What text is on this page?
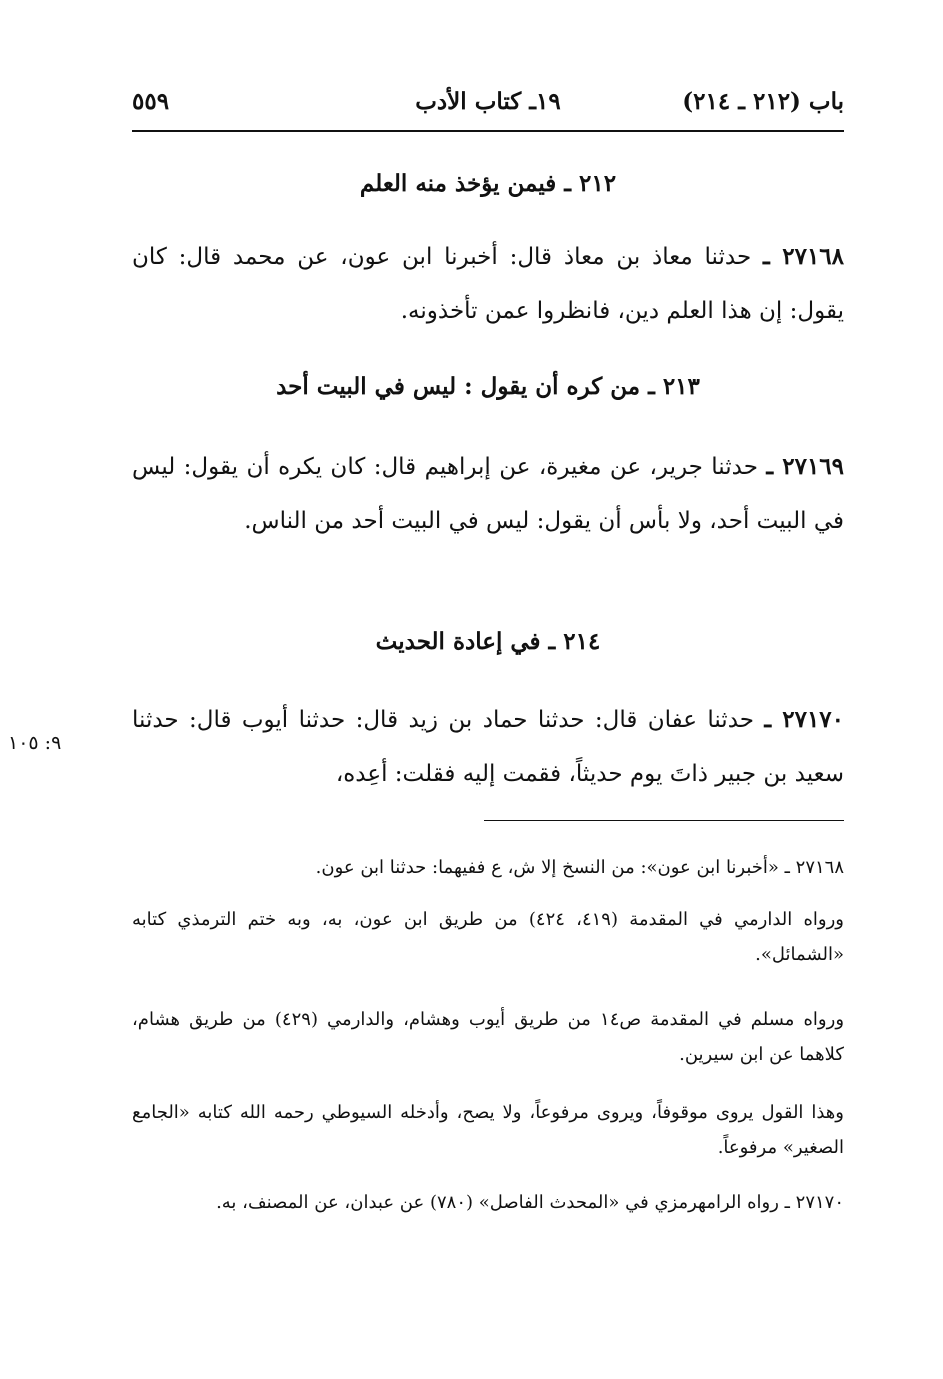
باب (٢١٢ ـ ٢١٤)
١٩ـ كتاب الأدب
٥٥٩
٢١٢ ـ فيمن يؤخذ منه العلم

٢٧١٦٨ ـ حدثنا معاذ بن معاذ قال: أخبرنا ابن عون، عن محمد قال: كان يقول: إن هذا العلم دين، فانظروا عمن تأخذونه.

٢١٣ ـ من كره أن يقول : ليس في البيت أحد

٢٧١٦٩ ـ حدثنا جرير، عن مغيرة، عن إبراهيم قال: كان يكره أن يقول: ليس في البيت أحد، ولا بأس أن يقول: ليس في البيت أحد من الناس.

٢١٤ ـ في إعادة الحديث

٢٧١٧٠ ـ حدثنا عفان قال: حدثنا حماد بن زيد قال: حدثنا أيوب قال: حدثنا سعيد بن جبير ذاتَ يوم حديثاً، فقمت إليه فقلت: أعِده،

٩: ١٠٥

٢٧١٦٨ ـ «أخبرنا ابن عون»: من النسخ إلا ش، ع ففيهما: حدثنا ابن عون.

ورواه الدارمي في المقدمة (٤١٩، ٤٢٤) من طريق ابن عون، به، وبه ختم الترمذي كتابه «الشمائل».

ورواه مسلم في المقدمة ص١٤ من طريق أيوب وهشام، والدارمي (٤٢٩) من طريق هشام، كلاهما عن ابن سيرين.

وهذا القول يروى موقوفاً، ويروى مرفوعاً، ولا يصح، وأدخله السيوطي رحمه الله كتابه «الجامع الصغير» مرفوعاً.

٢٧١٧٠ ـ رواه الرامهرمزي في «المحدث الفاصل» (٧٨٠) عن عبدان، عن المصنف، به.
